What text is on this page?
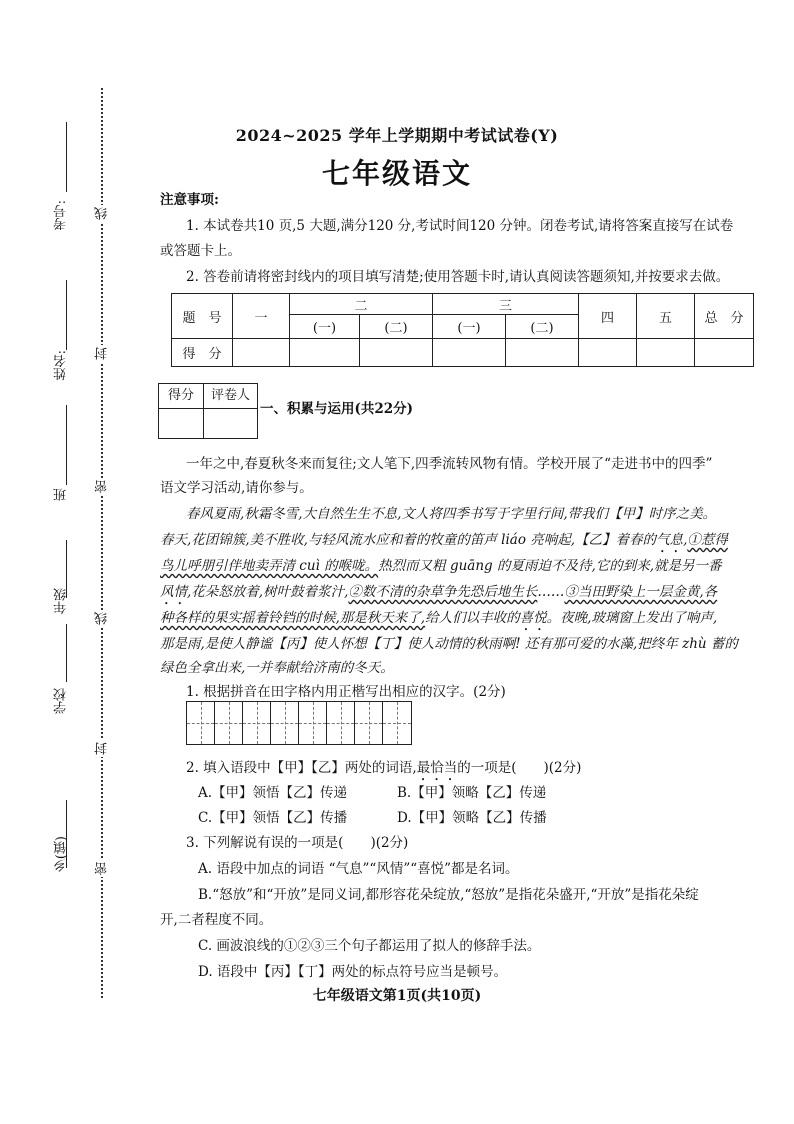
考号:
姓名:
班
年级
学校
乡(镇)
线
封
密
线
封
密
2024~2025 学年上学期期中考试试卷(Y)
七年级语文
注意事项:
1. 本试卷共10 页,5 大题,满分120 分,考试时间120 分钟。闭卷考试,请将答案直接写在试卷
或答题卡上。
2. 答卷前请将密封线内的项目填写清楚;使用答题卡时,请认真阅读答题须知,并按要求去做。
题　号	一	二		三		四	五	总　分
		(一)	(二)	(一)	(二)			
得　分								
得分	评卷人
一、积累与运用(共22分)
一年之中,春夏秋冬来而复往;文人笔下,四季流转风物有情。学校开展了“走进书中的四季”
语文学习活动,请你参与。
春风夏雨,秋霜冬雪,大自然生生不息,文人将四季书写于字里行间,带我们【甲】时序之美。
春天,花团锦簇,美不胜收,与轻风流水应和着的牧童的笛声 liáo 亮响起,【乙】着春的气息,①惹得
鸟儿呼朋引伴地卖弄清 cuì 的喉咙。热烈而又粗 guāng 的夏雨迫不及待,它的到来,就是另一番
风情,花朵怒放着,树叶鼓着浆汁,②数不清的杂草争先恐后地生长……③当田野染上一层金黄,各
种各样的果实摇着铃铛的时候,那是秋天来了,给人们以丰收的喜悦。夜晚,玻璃窗上发出了响声,
那是雨,是使人静谧【丙】使人怀想【丁】使人动情的秋雨啊! 还有那可爱的水藻,把终年 zhù 蓄的
绿色全拿出来,一并奉献给济南的冬天。
1. 根据拼音在田字格内用正楷写出相应的汉字。(2分)
2. 填入语段中【甲】【乙】两处的词语,最恰当的一项是(　　)(2分)
A.【甲】领悟【乙】传递	B.【甲】领略【乙】传递
C.【甲】领悟【乙】传播	D.【甲】领略【乙】传播
3. 下列解说有误的一项是(　　)(2分)
A. 语段中加点的词语 “气息”“风情”“喜悦”都是名词。
B.“怒放”和“开放”是同义词,都形容花朵绽放,“怒放”是指花朵盛开,“开放”是指花朵绽
开,二者程度不同。
C. 画波浪线的①②③三个句子都运用了拟人的修辞手法。
D. 语段中【丙】【丁】两处的标点符号应当是顿号。
七年级语文第1页(共10页)
